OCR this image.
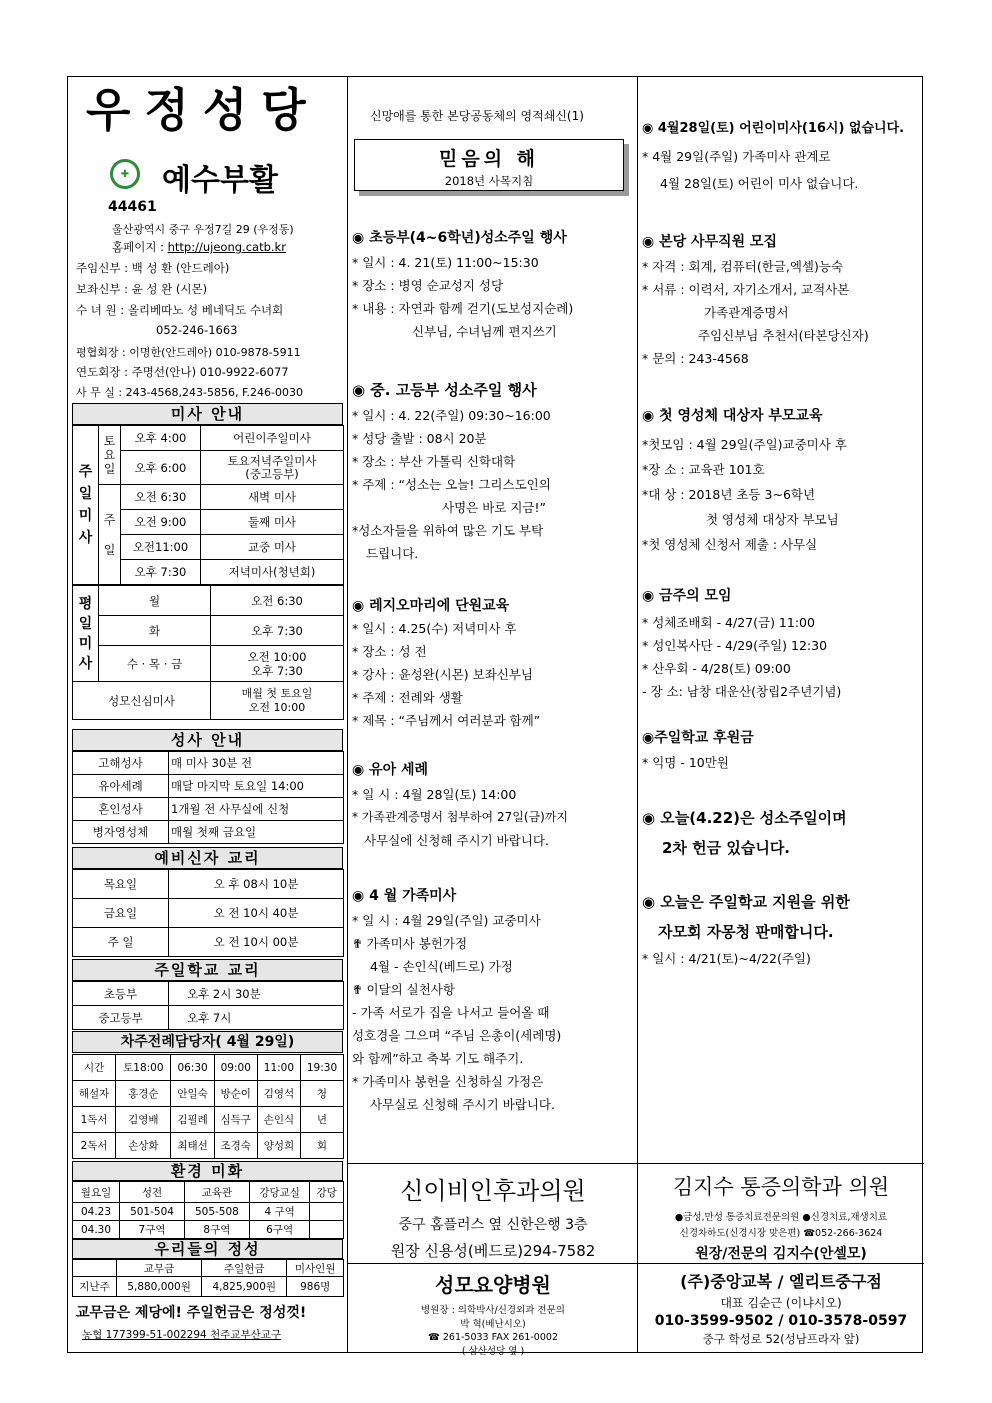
우정성당
✚	예수부활
44461
울산광역시 중구 우정7길 29 (우정동)
홈페이지 : http://ujeong.catb.kr
주임신부 : 백 성 환 (안드레아)
보좌신부 : 윤 성 완 (시몬)
수 녀 원 : 올리베따노 성 베네딕도 수녀회
052-246-1663
평협회장 : 이명한(안드레아) 010-9878-5911
연도회장 : 주명선(안나) 010-9922-6077
사 무 실 : 243-4568,243-5856, F.246-0030
미사 안내
주일미사	토요일	오후 4:00	어린이주일미사
		오후 6:00	토요저녁주일미사
(중고등부)
	주일	오전 6:30	새벽 미사
		오전 9:00	둘째 미사
		오전11:00	교중 미사
		오후 7:30	저녁미사(청년회)
평일미사	월	오전 6:30
	화	오후 7:30
	수 · 목 · 금	오전 10:00
오후 7:30
성모신심미사		매월 첫 토요일
오전 10:00
성사 안내
고해성사	매 미사 30분 전
유아세례	매달 마지막 토요일 14:00
혼인성사	1개월 전 사무실에 신청
병자영성체	매월 첫째 금요일
예비신자 교리
목요일	오 후 08시 10분
금요일	오 전 10시 40분
주 일	오 전 10시 00분
주일학교 교리
초등부	오후 2시 30분
중고등부	오후 7시
차주전례담당자( 4월 29일)
시간	토18:00	06:30	09:00	11:00	19:30
해설자	홍경순	안일숙	방순이	김영석	청
1독서	김영배	김필례	심득구	손인식	년
2독서	손상화	최태선	조경숙	양성희	회
환경 미화
월요일	성전	교육관	강당교실	강당
04.23	501-504	505-508	4 구역	
04.30	7구역	8구역	6구역	
우리들의 정성
	교무금	주일헌금	미사인원
지난주	5,880,000원	4,825,900원	986명
교무금은 제당에! 주일헌금은 정성껏!
농협 177399-51-002294 천주교부산교구
신망애를 통한 본당공동체의 영적쇄신(1)
믿음의 해
2018년 사목지침
◉ 초등부(4~6학년)성소주일 행사
* 일시 : 4. 21(토) 11:00~15:30
* 장소 : 병영 순교성지 성당
* 내용 : 자연과 함께 걷기(도보성지순례)
신부님, 수녀님께 편지쓰기
◉ 중. 고등부 성소주일 행사
* 일시 : 4. 22(주일) 09:30~16:00
* 성당 출발 : 08시 20분
* 장소 : 부산 가톨릭 신학대학
* 주제 : “성소는 오늘! 그리스도인의
사명은 바로 지금!”
*성소자들을 위하여 많은 기도 부탁
드립니다.
◉ 레지오마리에 단원교육
* 일시 : 4.25(수) 저녁미사 후
* 장소 : 성 전
* 강사 : 윤성완(시몬) 보좌신부님
* 주제 : 전례와 생활
* 제목 : “주님께서 여러분과 함께”
◉ 유아 세례
* 일 시 : 4월 28일(토) 14:00
* 가족관계증명서 첨부하여 27일(금)까지
사무실에 신청해 주시기 바랍니다.
◉ 4 월 가족미사
* 일 시 : 4월 29일(주일) 교중미사
✟ 가족미사 봉헌가정
4월 - 손인식(베드로) 가정
✟ 이달의 실천사항
- 가족 서로가 집을 나서고 들어올 때
성호경을 그으며 “주님 은총이(세례명)
와 함께”하고 축복 기도 해주기.
* 가족미사 봉헌을 신청하실 가정은
사무실로 신청해 주시기 바랍니다.
◉ 4월28일(토) 어린이미사(16시) 없습니다.
* 4월 29일(주일) 가족미사 관계로
4월 28일(토) 어린이 미사 없습니다.
◉ 본당 사무직원 모집
* 자격 : 회계, 컴퓨터(한글,엑셀)능숙
* 서류 : 이력서, 자기소개서, 교적사본
가족관계증명서
주임신부님 추천서(타본당신자)
* 문의 : 243-4568
◉ 첫 영성체 대상자 부모교육
*첫모임 : 4월 29일(주일)교중미사 후
*장 소 : 교육관 101호
*대 상 : 2018년 초등 3~6학년
첫 영성체 대상자 부모님
*첫 영성체 신청서 제출 : 사무실
◉ 금주의 모임
* 성체조배회 - 4/27(금) 11:00
* 성인복사단 - 4/29(주일) 12:30
* 산우회 - 4/28(토) 09:00
- 장 소: 남창 대운산(창립2주년기념)
◉주일학교 후원금
* 익명 - 10만원
◉ 오늘(4.22)은 성소주일이며
2차 헌금 있습니다.
◉ 오늘은 주일학교 지원을 위한
자모회 자몽청 판매합니다.
* 일시 : 4/21(토)~4/22(주일)
신이비인후과의원
중구 홈플러스 옆 신한은행 3층
원장 신용성(베드로)294-7582
김지수 통증의학과 의원
●금성,만성 통증치료전문의원 ●신경치료,재생치료
신경차하도(신경시장 맞은편) ☎052-266-3624
원장/전문의 김지수(안셀모)
성모요양병원
병원장 : 의학박사/신경외과 전문의
박 혁(베난시오)
☎ 261-5033 FAX 261-0002
( 삼산성당 옆 )
(주)중앙교복 / 엘리트중구점
대표 김순근 (이냐시오)
010-3599-9502 / 010-3578-0597
중구 학성로 52(성남프라자 앞)
